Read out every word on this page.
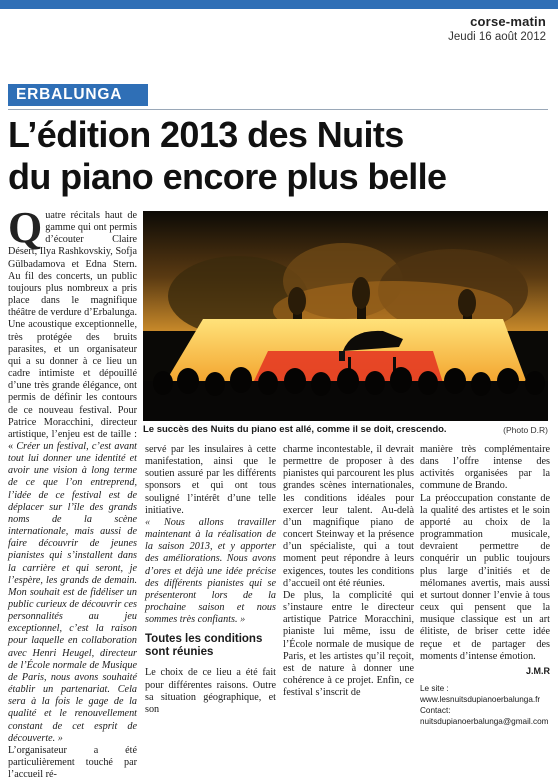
corse-matin
Jeudi 16 août 2012
ERBALUNGA
L’édition 2013 des Nuits
du piano encore plus belle

Quatre récitals haut de gamme qui ont permis d’écouter Claire Désert, Ilya Rashkovskiy, Sofja Gülbadamova et Edna Stern. Au fil des concerts, un public toujours plus nombreux a pris place dans le magnifique théâtre de verdure d’Erbalunga. Une acoustique exceptionnelle, très protégée des bruits parasites, et un organisateur qui a su donner à ce lieu un cadre intimiste et dépouillé d’une très grande élégance, ont permis de définir les contours de ce nouveau festival. Pour Patrice Moracchini, directeur artistique, l’enjeu est de taille : « Créer un festival, c’est avant tout lui donner une identité et avoir une vision à long terme de ce que l’on entreprend, l’idée de ce festival est de déplacer sur l’île des grands noms de la scène internationale, mais aussi de faire découvrir de jeunes pianistes qui s’installent dans la carrière et qui seront, je l’espère, les grands de demain. Mon souhait est de fidéliser un public curieux de découvrir ces personnalités au jeu exceptionnel, c’est la raison pour laquelle en collaboration avec Henri Heugel, directeur de l’École normale de Musique de Paris, nous avons souhaité établir un partenariat. Cela sera à la fois le gage de la qualité et le renouvellement constant de cet esprit de découverte. »

L’organisateur a été particulièrement touché par l’accueil ré-

Le succès des Nuits du piano est allé, comme il se doit, crescendo.	(Photo D.R)

servé par les insulaires à cette manifestation, ainsi que le soutien assuré par les différents sponsors et qui ont tous souligné l’intérêt d’une telle initiative.

« Nous allons travailler maintenant à la réalisation de la saison 2013, et y apporter des améliorations. Nous avons d’ores et déjà une idée précise des différents pianistes qui se présenteront lors de la prochaine saison et nous sommes très confiants. »

Toutes les conditions sont réunies

Le choix de ce lieu a été fait pour différentes raisons. Outre sa situation géographique, et son

charme incontestable, il devrait permettre de proposer à des pianistes qui parcourent les plus grandes scènes internationales, les conditions idéales pour exercer leur talent. Au-delà d’un magnifique piano de concert Steinway et la présence d’un spécialiste, qui a tout moment peut répondre à leurs exigences, toutes les conditions d’accueil ont été réunies.

De plus, la complicité qui s’instaure entre le directeur artistique Patrice Moracchini, pianiste lui même, issu de l’École normale de musique de Paris, et les artistes qu’il reçoit, est de nature à donner une cohérence à ce projet. Enfin, ce festival s’inscrit de

manière très complémentaire dans l’offre intense des activités organisées par la commune de Brando.

La préoccupation constante de la qualité des artistes et le soin apporté au choix de la programmation musicale, devraient permettre de conquérir un public toujours plus large d’initiés et de mélomanes avertis, mais aussi et surtout donner l’envie à tous ceux qui pensent que la musique classique est un art élitiste, de briser cette idée reçue et de partager des moments d’intense émotion.

J.M.R
Le site : www.lesnuitsdupianoerbalunga.fr
Contact: nuitsdupianoerbalunga@gmail.com
